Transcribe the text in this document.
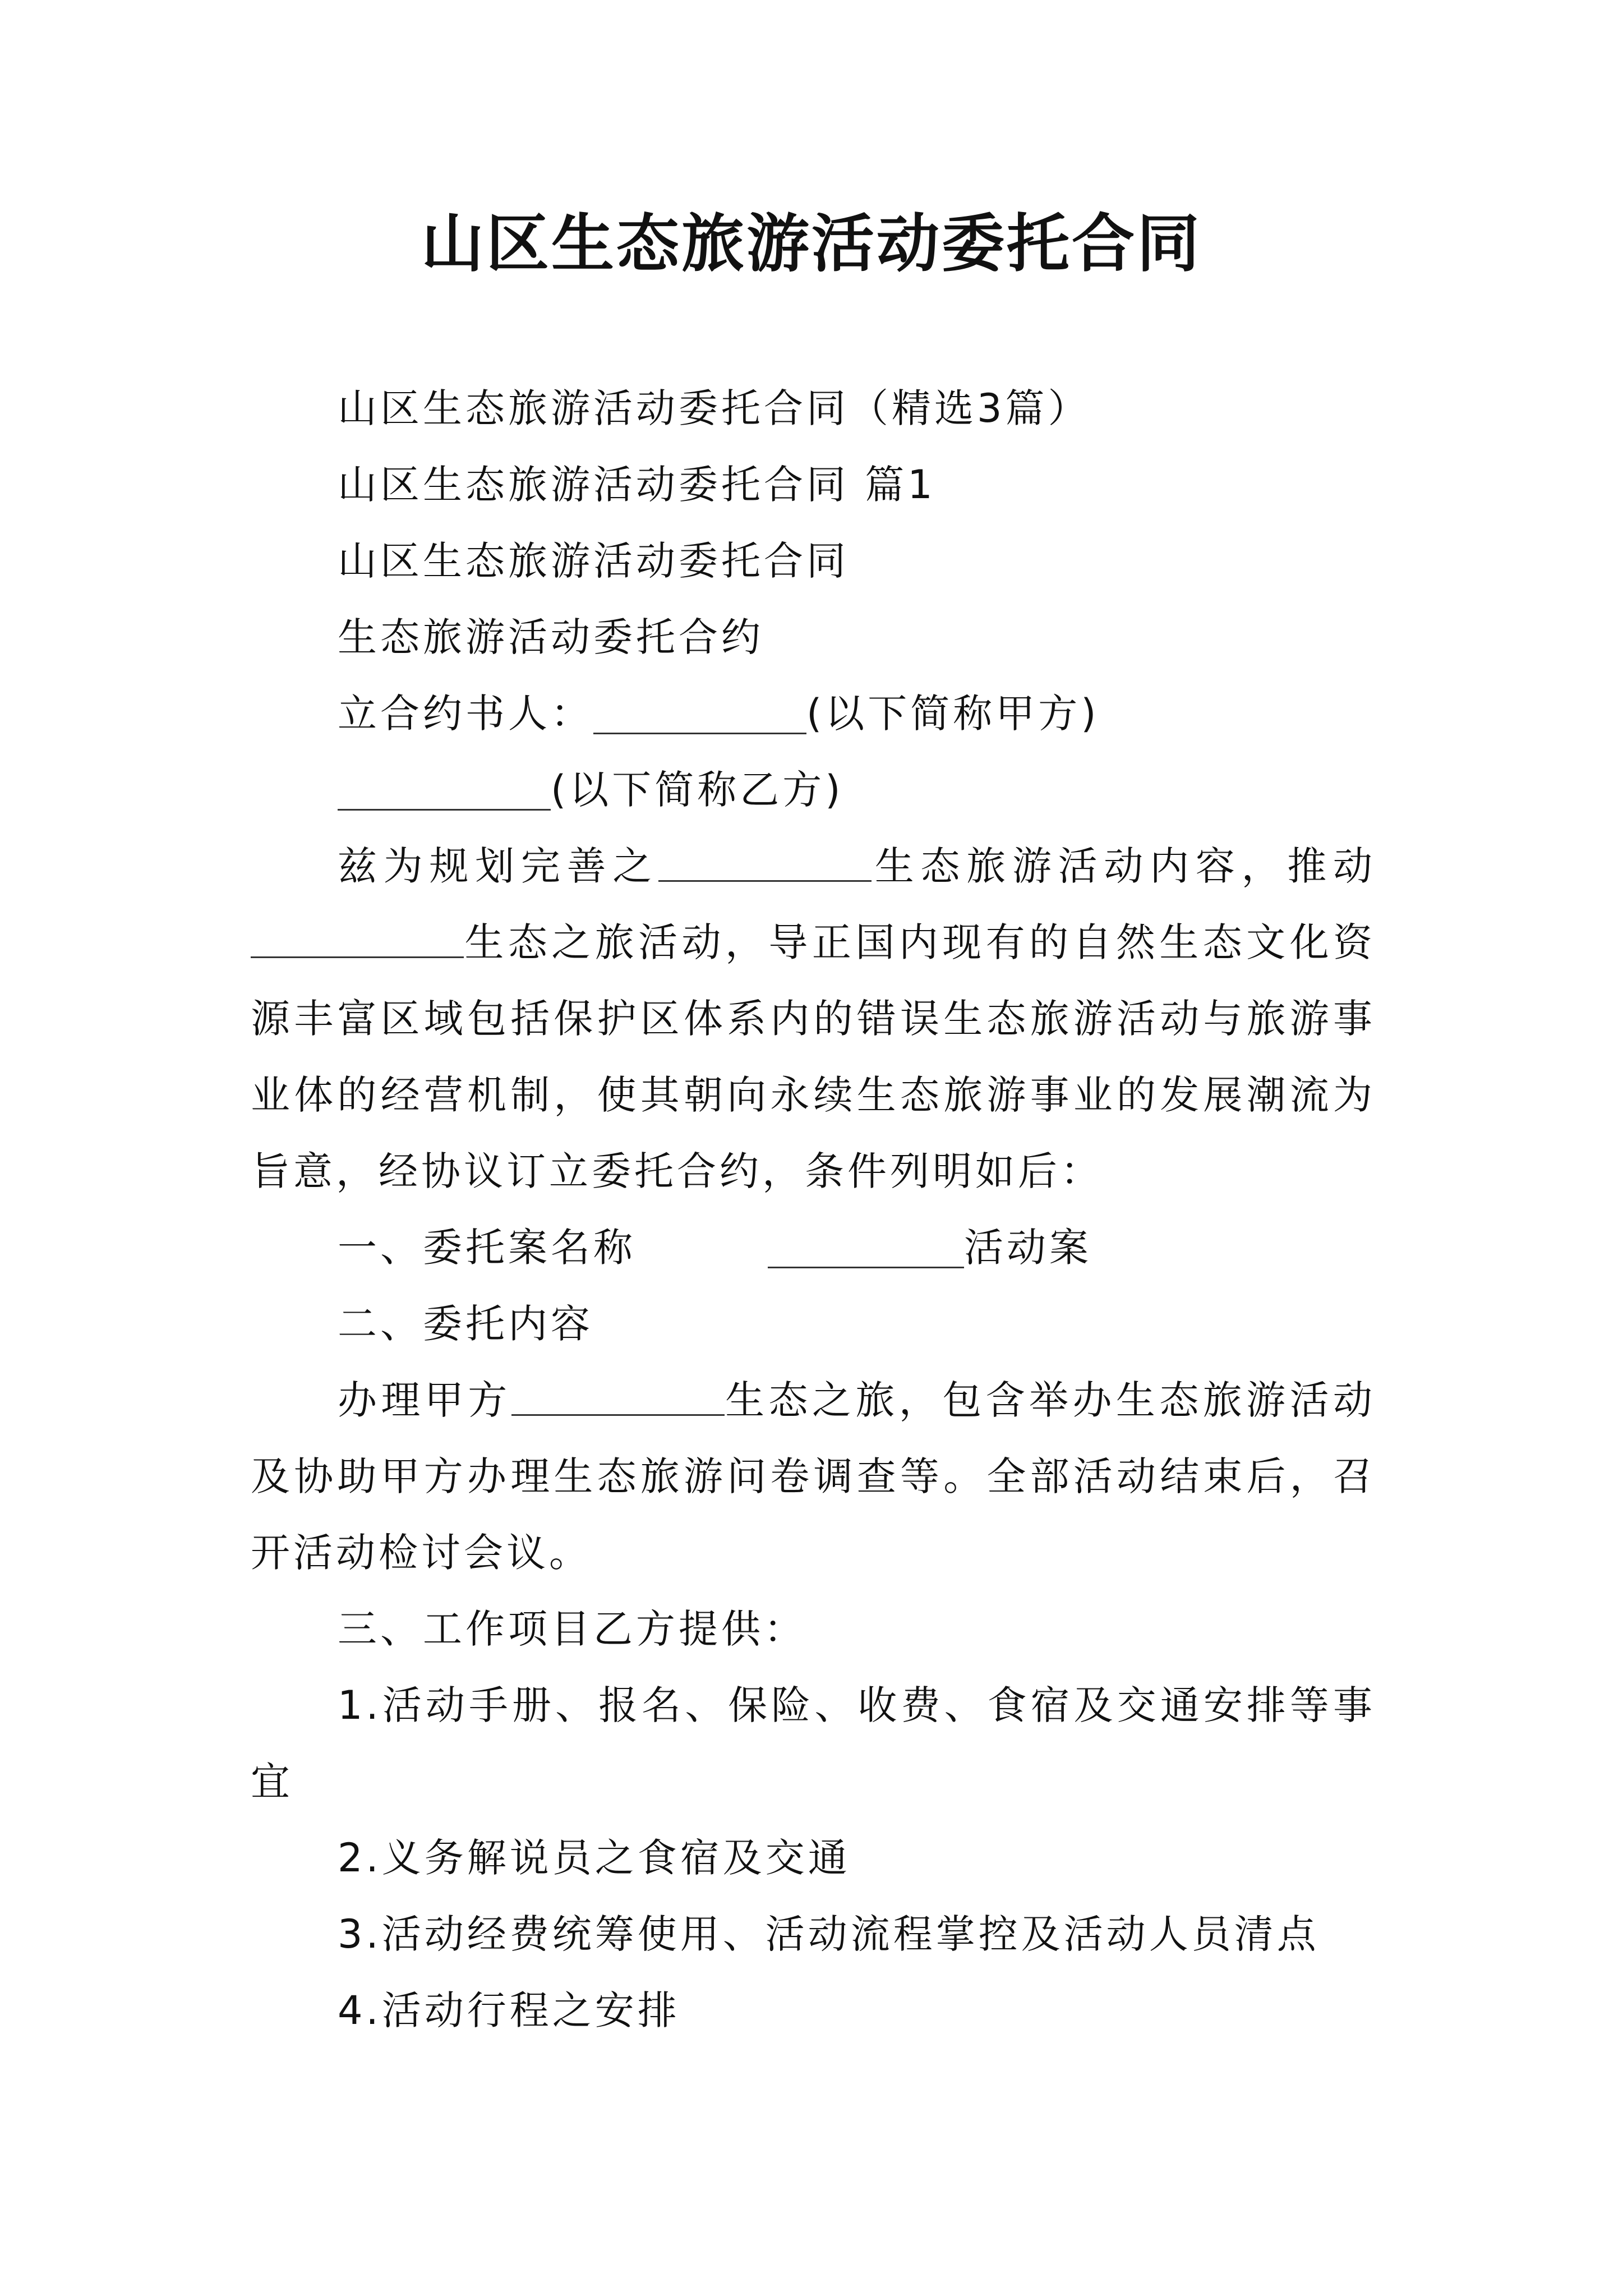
山区生态旅游活动委托合同

山区生态旅游活动委托合同（精选3篇）

山区生态旅游活动委托合同 篇1

山区生态旅游活动委托合同

生态旅游活动委托合约

立合约书人：	(以下简称甲方)

(以下简称乙方)

兹为规划完善之	生态旅游活动内容，推动生态之旅活动，导正国内现有的自然生态文化资源丰富区域包括保护区体系内的错误生态旅游活动与旅游事业体的经营机制，使其朝向永续生态旅游事业的发展潮流为旨意，经协议订立委托合约，条件列明如后：

一、委托案名称	活动案

二、委托内容

办理甲方	生态之旅，包含举办生态旅游活动及协助甲方办理生态旅游问卷调查等。全部活动结束后，召开活动检讨会议。

三、工作项目乙方提供：

1.活动手册、报名、保险、收费、食宿及交通安排等事宜

2.义务解说员之食宿及交通

3.活动经费统筹使用、活动流程掌控及活动人员清点

4.活动行程之安排
